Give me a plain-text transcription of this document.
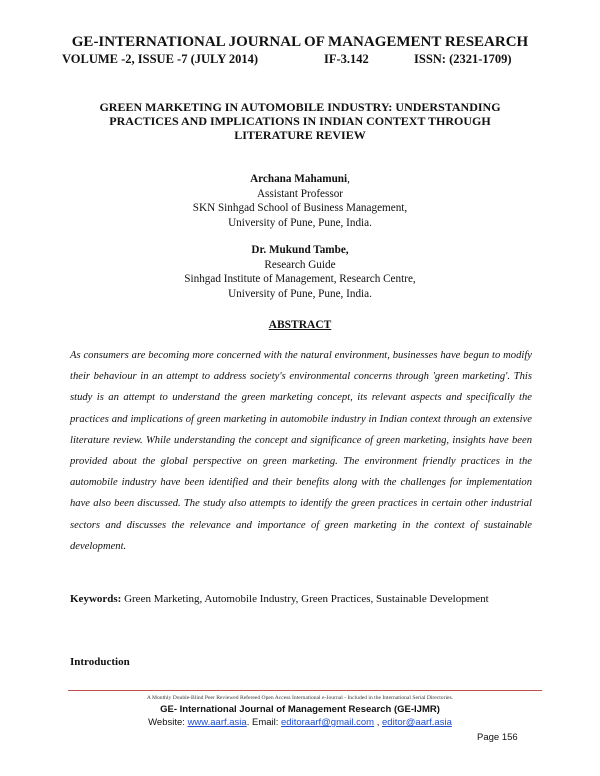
GE-INTERNATIONAL JOURNAL OF MANAGEMENT RESEARCH
VOLUME -2, ISSUE -7 (JULY 2014)	IF-3.142	ISSN: (2321-1709)
GREEN MARKETING IN AUTOMOBILE INDUSTRY: UNDERSTANDING PRACTICES AND IMPLICATIONS IN INDIAN CONTEXT THROUGH LITERATURE REVIEW
Archana Mahamuni,
Assistant Professor
SKN Sinhgad School of Business Management,
University of Pune, Pune, India.
Dr. Mukund Tambe,
Research Guide
Sinhgad Institute of Management, Research Centre,
University of Pune, Pune, India.
ABSTRACT

As consumers are becoming more concerned with the natural environment, businesses have begun to modify their behaviour in an attempt to address society's environmental concerns through 'green marketing'. This study is an attempt to understand the green marketing concept, its relevant aspects and specifically the practices and implications of green marketing in automobile industry in Indian context through an extensive literature review. While understanding the concept and significance of green marketing, insights have been provided about the global perspective on green marketing. The environment friendly practices in the automobile industry have been identified and their benefits along with the challenges for implementation have also been discussed. The study also attempts to identify the green practices in certain other industrial sectors and discusses the relevance and importance of green marketing in the context of sustainable development.

Keywords: Green Marketing, Automobile Industry, Green Practices, Sustainable Development
Introduction
A Monthly Double-Blind Peer Reviewed Refereed Open Access International e-Journal - Included in the International Serial Directories.
GE- International Journal of Management Research (GE-IJMR)
Website: www.aarf.asia. Email: editoraarf@gmail.com , editor@aarf.asia
Page 156
